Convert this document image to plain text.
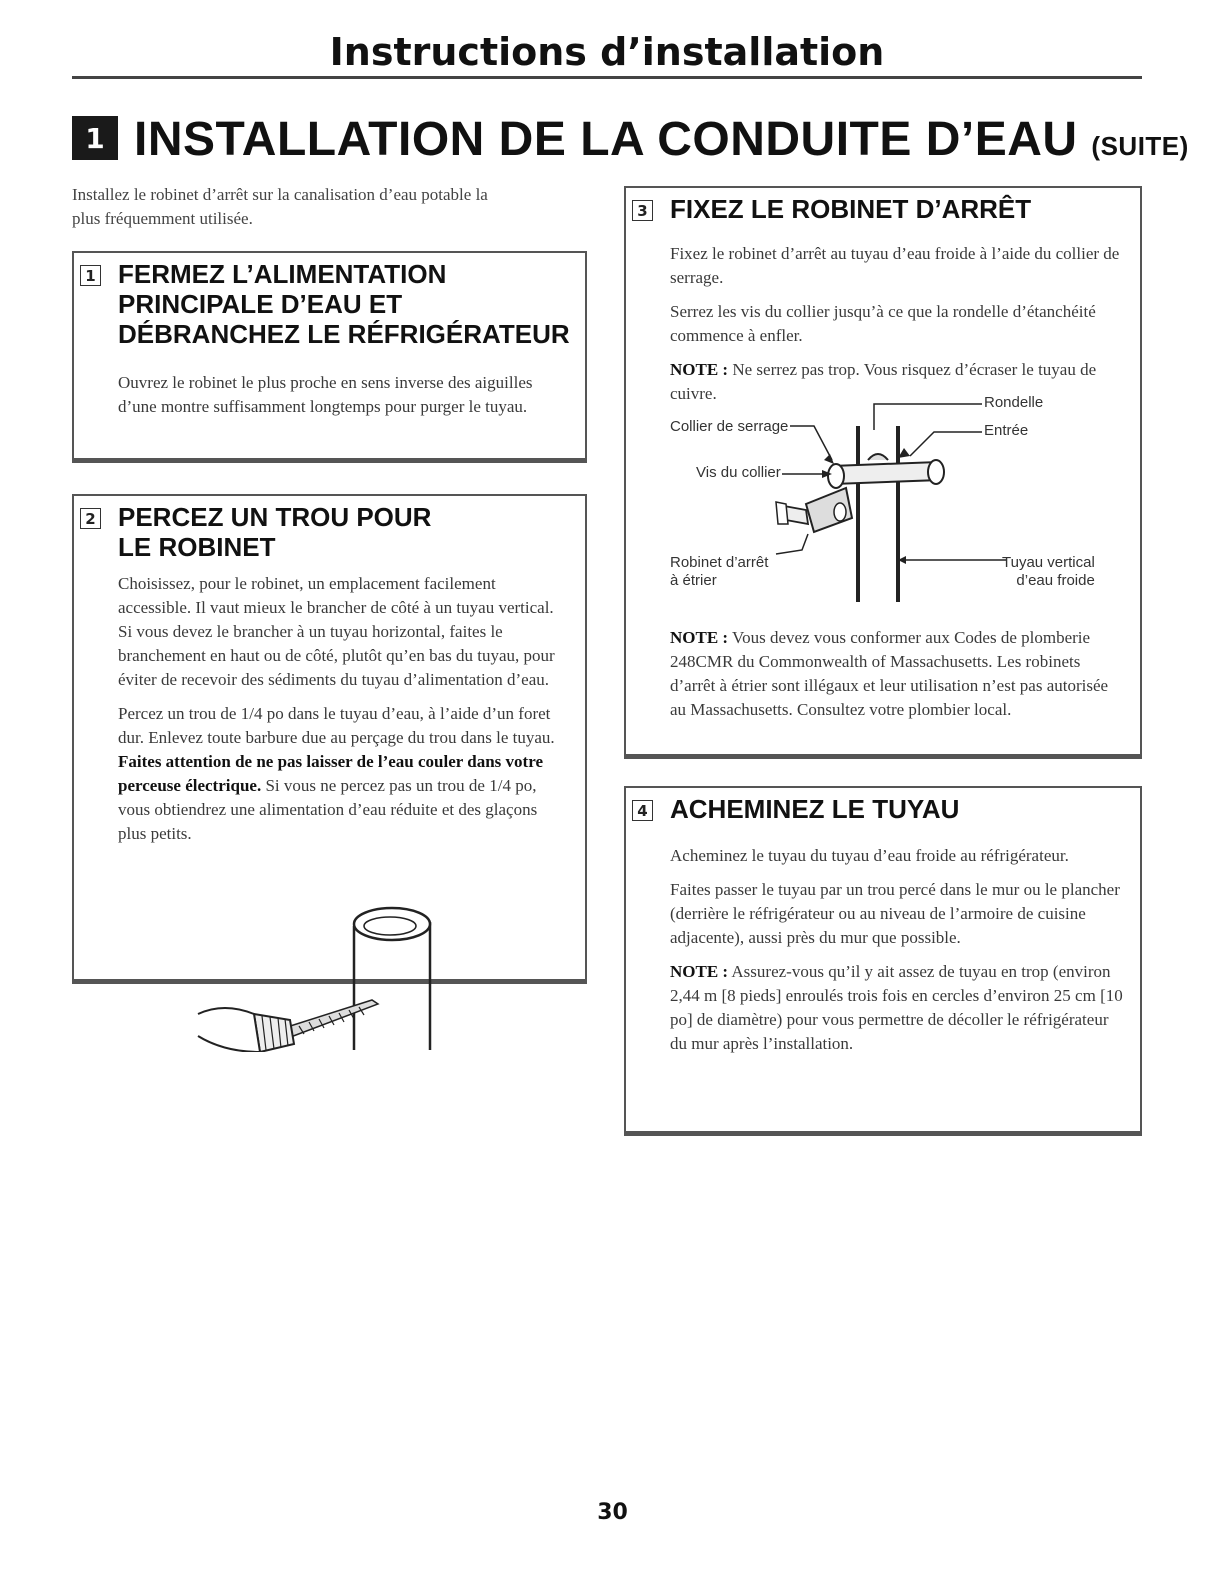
Instructions d’installation
1 INSTALLATION DE LA CONDUITE D’EAU (SUITE)
Installez le robinet d’arrêt sur la canalisation d’eau potable la plus fréquemment utilisée.
1 FERMEZ L’ALIMENTATION
PRINCIPALE D’EAU ET
DÉBRANCHEZ LE RÉFRIGÉRATEUR

Ouvrez le robinet le plus proche en sens inverse des aiguilles d’une montre suffisamment longtemps pour purger le tuyau.

2 PERCEZ UN TROU POUR
LE ROBINET

Choisissez, pour le robinet, un emplacement facilement accessible. Il vaut mieux le brancher de côté à un tuyau vertical. Si vous devez le brancher à un tuyau horizontal, faites le branchement en haut ou de côté, plutôt qu’en bas du tuyau, pour éviter de recevoir des sédiments du tuyau d’alimentation d’eau.

Percez un trou de 1/4 po dans le tuyau d’eau, à l’aide d’un foret dur. Enlevez toute barbure due au perçage du trou dans le tuyau. Faites attention de ne pas laisser de l’eau couler dans votre perceuse électrique. Si vous ne percez pas un trou de 1/4 po, vous obtiendrez une alimentation d’eau réduite et des glaçons plus petits.

3 FIXEZ LE ROBINET D’ARRÊT

Fixez le robinet d’arrêt au tuyau d’eau froide à l’aide du collier de serrage.

Serrez les vis du collier jusqu’à ce que la rondelle d’étanchéité commence à enfler.

NOTE : Ne serrez pas trop. Vous risquez d’écraser le tuyau de cuivre.	Rondelle
Collier de serrage	Entrée
Vis du collier
Robinet d’arrêt
à étrier
Tuyau vertical
d’eau froide

NOTE : Vous devez vous conformer aux Codes de plomberie 248CMR du Commonwealth of Massachusetts. Les robinets d’arrêt à étrier sont illégaux et leur utilisation n’est pas autorisée au Massachusetts. Consultez votre plombier local.

4 ACHEMINEZ LE TUYAU

Acheminez le tuyau du tuyau d’eau froide au réfrigérateur.

Faites passer le tuyau par un trou percé dans le mur ou le plancher (derrière le réfrigérateur ou au niveau de l’armoire de cuisine adjacente), aussi près du mur que possible.

NOTE : Assurez-vous qu’il y ait assez de tuyau en trop (environ 2,44 m [8 pieds] enroulés trois fois en cercles d’environ 25 cm [10 po] de diamètre) pour vous permettre de décoller le réfrigérateur du mur après l’installation.

30
